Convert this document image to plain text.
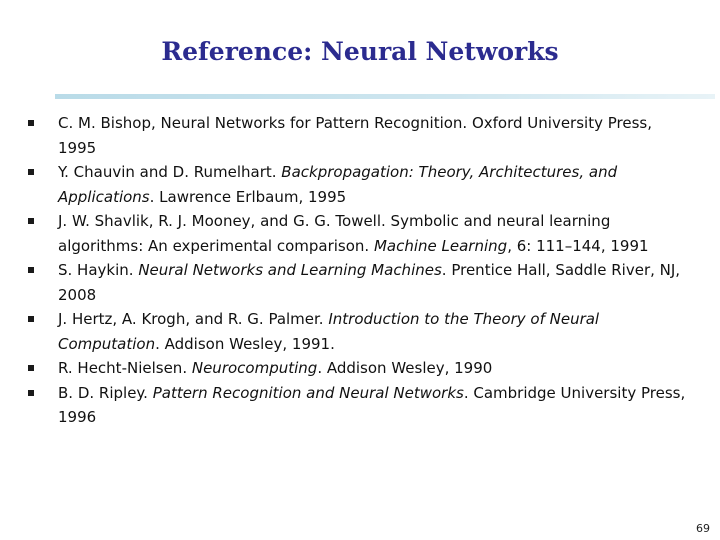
Reference: Neural Networks
C. M. Bishop, Neural Networks for Pattern Recognition. Oxford University Press, 1995
Y. Chauvin and D. Rumelhart. Backpropagation: Theory, Architectures, and Applications. Lawrence Erlbaum, 1995
J. W. Shavlik, R. J. Mooney, and G. G. Towell. Symbolic and neural learning algorithms: An experimental comparison. Machine Learning, 6: 111–144, 1991
S. Haykin. Neural Networks and Learning Machines. Prentice Hall, Saddle River, NJ, 2008
J. Hertz, A. Krogh, and R. G. Palmer. Introduction to the Theory of Neural Computation. Addison Wesley, 1991.
R. Hecht-Nielsen. Neurocomputing. Addison Wesley, 1990
B. D. Ripley. Pattern Recognition and Neural Networks. Cambridge University Press, 1996
69
